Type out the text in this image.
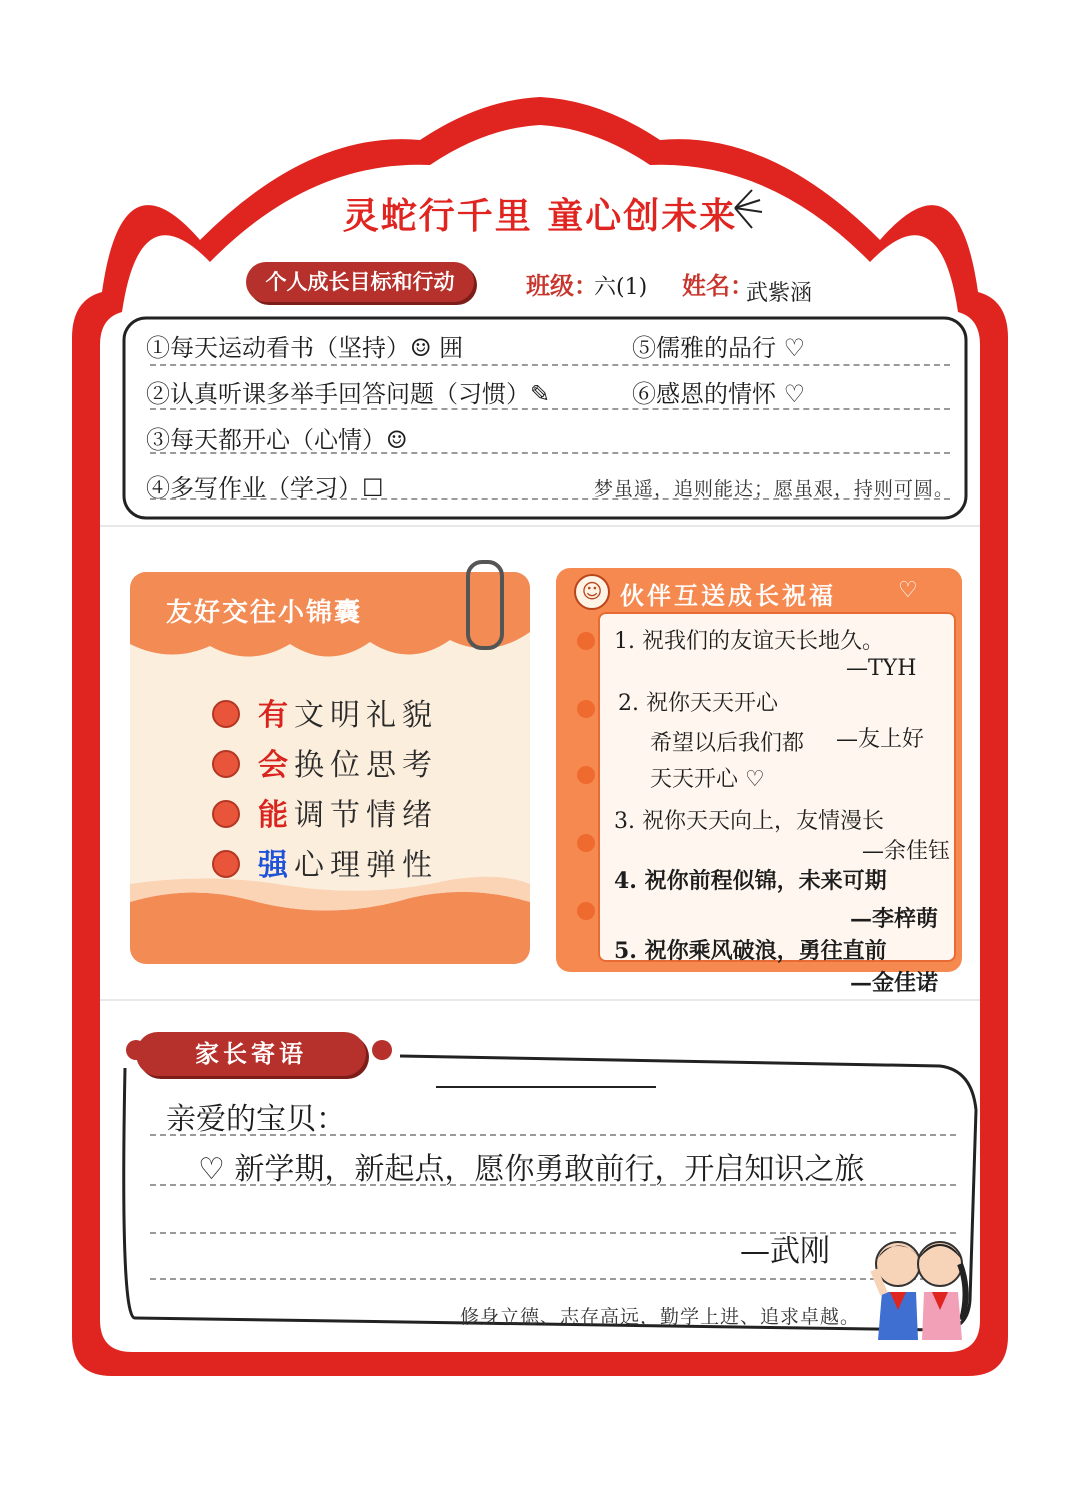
灵蛇行千里 童心创未来
个人成长目标和行动	班级：
六(1) 姓名：
武紫涵
①每天运动看书（坚持）☺ 囲
②认真听课多举手回答问题（习惯）✎
③每天都开心（心情）☺
④多写作业（学习）☐
⑤儒雅的品行 ♡
⑥感恩的情怀 ♡
梦虽遥，追则能达；愿虽艰，持则可圆。
友好交往小锦囊
有文明礼貌
会换位思考
能调节情绪
强心理弹性
☺ 伙伴互送成长祝福	♡
1. 祝我们的友谊天长地久。
—TYH
2. 祝你天天开心
希望以后我们都
天天开心 ♡
—友上好
3. 祝你天天向上，友情漫长
—余佳钰
4. 祝你前程似锦，未来可期
—李梓萌
5. 祝你乘风破浪，勇往直前
—金佳诺
家长寄语
亲爱的宝贝：
♡ 新学期，新起点，愿你勇敢前行，开启知识之旅
—武刚
修身立德、志存高远，勤学上进、追求卓越。
